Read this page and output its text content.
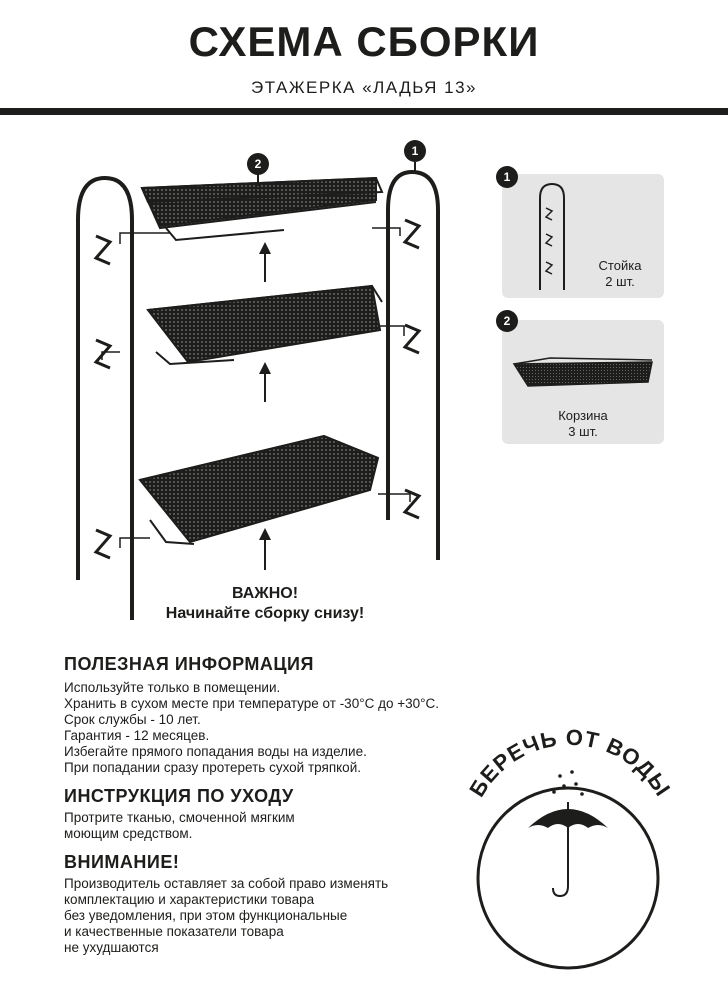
СХЕМА СБОРКИ
ЭТАЖЕРКА «ЛАДЬЯ 13»
2
1
ВАЖНО!
Начинайте сборку снизу!
Стойка
2 шт.
1
Корзина
3 шт.
2
ПОЛЕЗНАЯ ИНФОРМАЦИЯ
Используйте только в помещении.
Хранить в сухом месте при температуре от -30°С до +30°С.
Срок службы - 10 лет.
Гарантия - 12 месяцев.
Избегайте прямого попадания воды на изделие.
При попадании сразу протереть сухой тряпкой.
ИНСТРУКЦИЯ ПО УХОДУ
Протрите тканью, смоченной мягким
моющим средством.
ВНИМАНИЕ!
Производитель оставляет за собой право изменять
комплектацию и характеристики товара
без уведомления, при этом функциональные
и качественные показатели товара
не ухудшаются
БЕРЕЧЬ ОТ ВОДЫ
